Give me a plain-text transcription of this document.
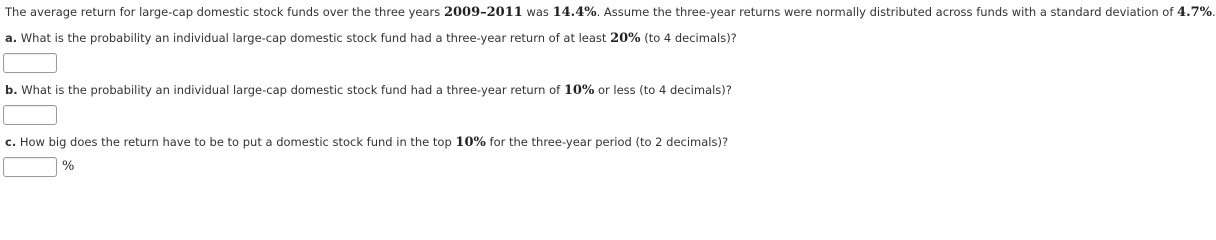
The average return for large-cap domestic stock funds over the three years 2009–2011 was 14.4%. Assume the three-year returns were normally distributed across funds with a standard deviation of 4.7%.
a. What is the probability an individual large-cap domestic stock fund had a three-year return of at least 20% (to 4 decimals)?
b. What is the probability an individual large-cap domestic stock fund had a three-year return of 10% or less (to 4 decimals)?
c. How big does the return have to be to put a domestic stock fund in the top 10% for the three-year period (to 2 decimals)?
%
